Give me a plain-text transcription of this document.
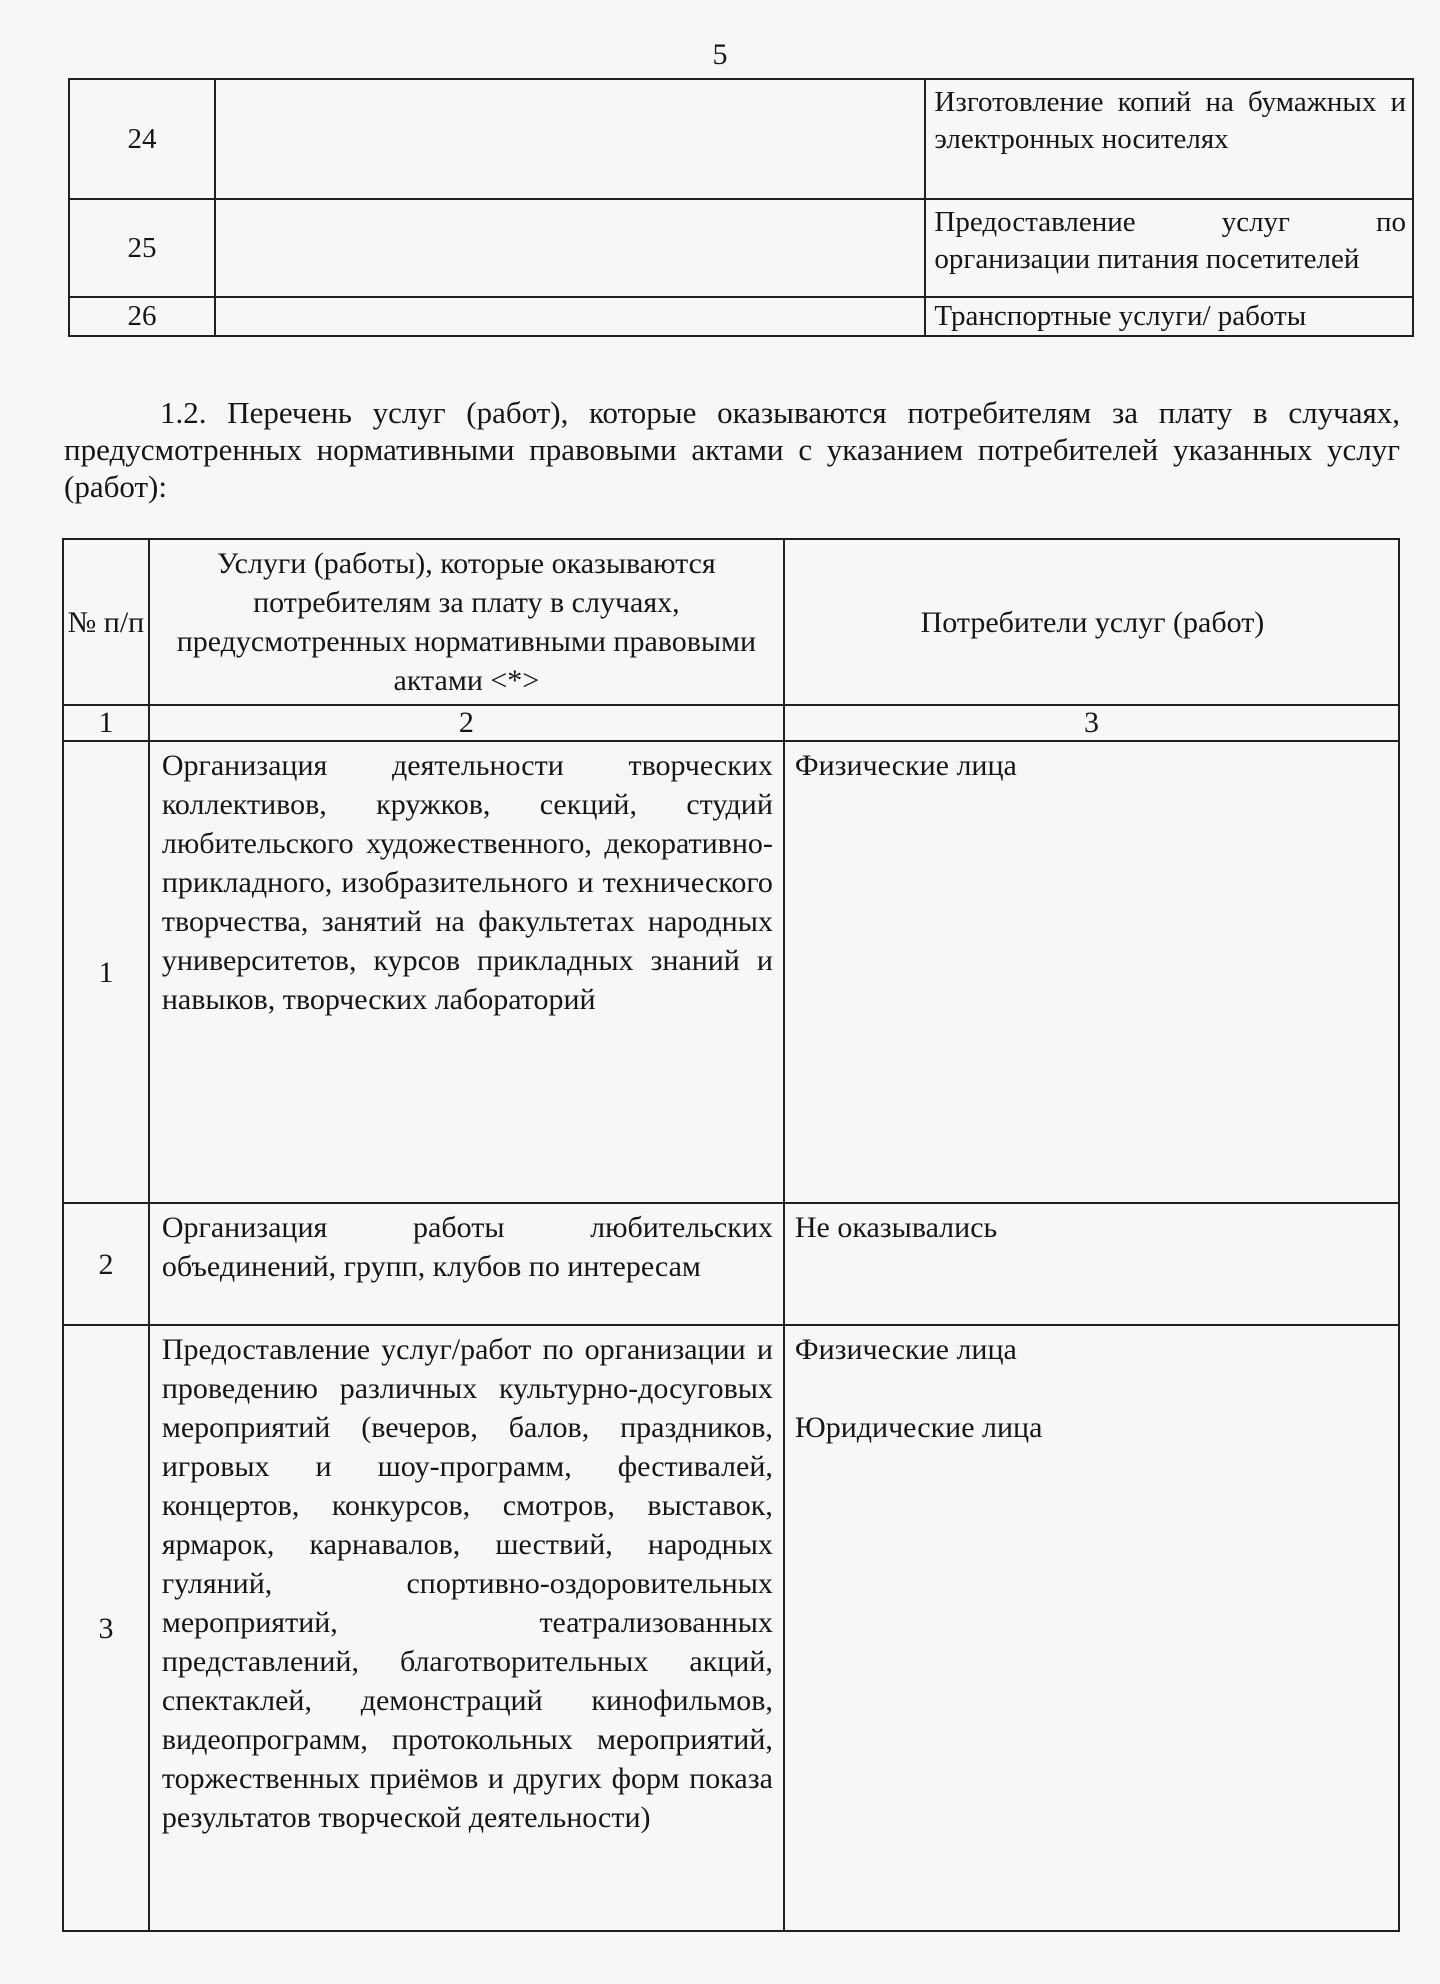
5
24		Изготовление копий на бумажных и электронных носителях
25		Предоставление услуг по организации питания посетителей
26		Транспортные услуги/ работы
1.2. Перечень услуг (работ), которые оказываются потребителям за плату в случаях, предусмотренных нормативными правовыми актами с указанием потребителей указанных услуг (работ):
№ п/п	Услуги (работы), которые оказываются потребителям за плату в случаях, предусмотренных нормативными правовыми актами <*>	Потребители услуг (работ)
1	2	3
1	Организация деятельности творческих коллективов, кружков, секций, студий любительского художественного, декоративно-прикладного, изобразительного и технического творчества, занятий на факультетах народных университетов, курсов прикладных знаний и навыков, творческих лабораторий	Физические лица

2	Организация работы любительских объединений, групп, клубов по интересам	Не оказывались

3	Предоставление услуг/работ по организации и проведению различных культурно-досуговых мероприятий (вечеров, балов, праздников, игровых и шоу-программ, фестивалей, концертов, конкурсов, смотров, выставок, ярмарок, карнавалов, шествий, народных гуляний, спортивно-оздоровительных мероприятий, театрализованных представлений, благотворительных акций, спектаклей, демонстраций кинофильмов, видеопрограмм, протокольных мероприятий, торжественных приёмов и других форм показа результатов творческой деятельности)	Физические лица
Юридические лица
